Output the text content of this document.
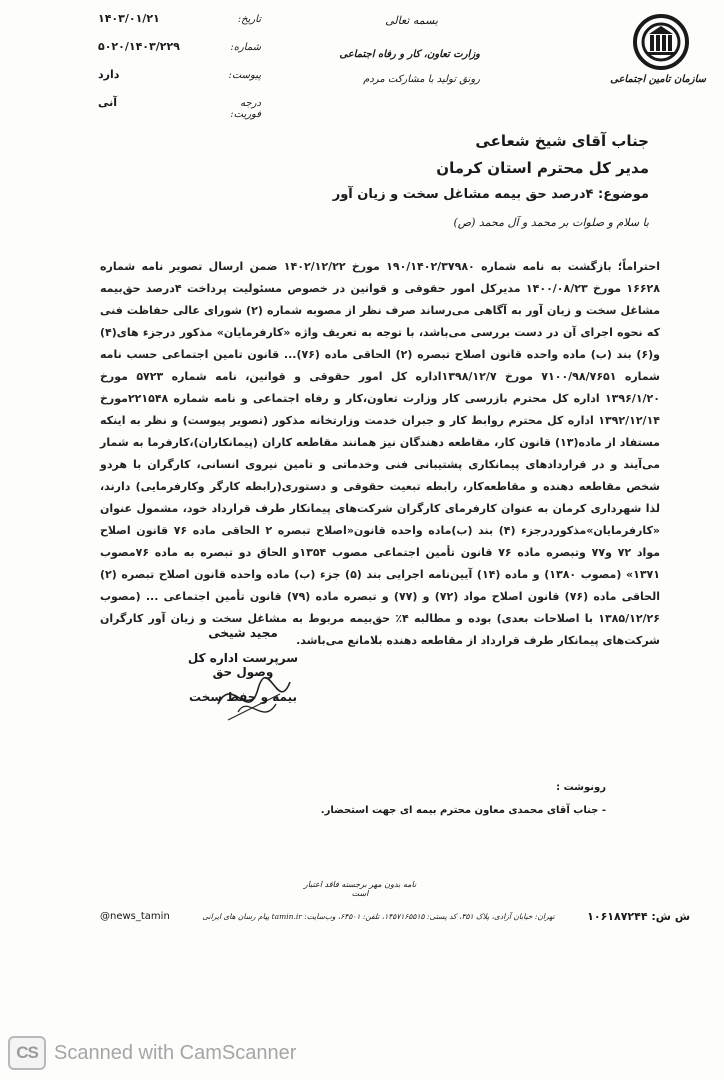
سازمان تامین اجتماعی
بسمه تعالی
وزارت تعاون، کار و رفاه اجتماعی
رونق تولید با مشارکت مردم
تاریخ:
۱۴۰۳/۰۱/۲۱
شماره:
۵۰۲۰/۱۴۰۳/۲۲۹
پیوست:
دارد
درجه فوریت:
آنی
جناب آقای شیخ شعاعی
مدیر کل محترم استان کرمان
موضوع: ۴درصد حق بیمه مشاغل سخت و زیان آور
با سلام و صلوات بر محمد و آل محمد (ص)
احتراماً؛ بازگشت به نامه شماره ۱۹۰/۱۴۰۲/۳۷۹۸۰ مورخ ۱۴۰۲/۱۲/۲۲ ضمن ارسال تصویر نامه شماره ۱۶۶۲۸ مورخ ۱۴۰۰/۰۸/۲۳ مدیرکل امور حقوقی و قوانین در خصوص مسئولیت پرداخت ۴درصد حق‌بیمه مشاغل سخت و زیان آور به آگاهی می‌رساند صرف نظر از مصوبه شماره (۲) شورای عالی حفاظت فنی که نحوه اجرای آن در دست بررسی می‌باشد، با توجه به تعریف واژه «کارفرمایان» مذکور درجزء های(۴) و(۶) بند (ب) ماده واحده قانون اصلاح تبصره (۲) الحاقی ماده (۷۶)... قانون تامین اجتماعی حسب نامه شماره ۷۱۰۰/۹۸/۷۶۵۱ مورخ ۱۳۹۸/۱۲/۷اداره کل امور حقوقی و قوانین، نامه شماره ۵۷۲۳ مورخ ۱۳۹۶/۱/۲۰ اداره کل محترم بازرسی کار وزارت تعاون،کار و رفاه اجتماعی و نامه شماره ۲۲۱۵۴۸مورخ ۱۳۹۲/۱۲/۱۴ اداره کل محترم روابط کار و جبران خدمت وزارتخانه مذکور (تصویر پیوست) و نظر به اینکه مستفاد از ماده(۱۳) قانون کار، مقاطعه دهندگان نیز همانند مقاطعه کاران (پیمانکاران)،کارفرما به شمار می‌آیند و در قراردادهای پیمانکاری پشتیبانی فنی وخدماتی و تامین نیروی انسانی، کارگران با هردو شخص مقاطعه دهنده و مقاطعه‌کار، رابطه تبعیت حقوقی و دستوری(رابطه کارگر وکارفرمایی) دارند، لذا شهرداری کرمان به عنوان کارفرمای کارگران شرکت‌های پیمانکار طرف قرارداد خود، مشمول عنوان «کارفرمایان»مذکوردرجزء (۴) بند (ب)ماده واحده قانون«اصلاح تبصره ۲ الحاقی ماده ۷۶ قانون اصلاح مواد ۷۲ و۷۷ وتبصره ماده ۷۶ قانون تأمین اجتماعی مصوب ۱۳۵۴و الحاق دو تبصره به ماده ۷۶مصوب ۱۳۷۱» (مصوب ۱۳۸۰) و ماده (۱۴) آیین‌نامه اجرایی بند (۵) جزء (ب) ماده واحده قانون اصلاح تبصره (۲) الحاقی ماده (۷۶) قانون اصلاح مواد (۷۲) و (۷۷) و تبصره ماده (۷۹) قانون تأمین اجتماعی ... (مصوب ۱۳۸۵/۱۲/۲۶ با اصلاحات بعدی) بوده و مطالبه ۴٪ حق‌بیمه مربوط به مشاغل سخت و زیان آور کارگران شرکت‌های پیمانکار طرف قرارداد از مقاطعه دهنده بلامانع می‌باشد.
مجید شیخی
سرپرست اداره کل وصول حق
بیمه و حفظ سخت
رونوشت :
- جناب آقای محمدی معاون محترم بیمه ای جهت استحضار.
نامه بدون مهر برجسته فاقد اعتبار است
ش ش: ۱۰۶۱۸۷۲۴۴
تهران: خیابان آزادی، پلاک ۳۵۱، کد پستی: ۱۴۵۷۱۶۵۵۱۵، تلفن: ۶۴۵۰۱، وب‌سایت: tamin.ir پیام رسان های ایرانی
@news_tamin
CS Scanned with CamScanner
